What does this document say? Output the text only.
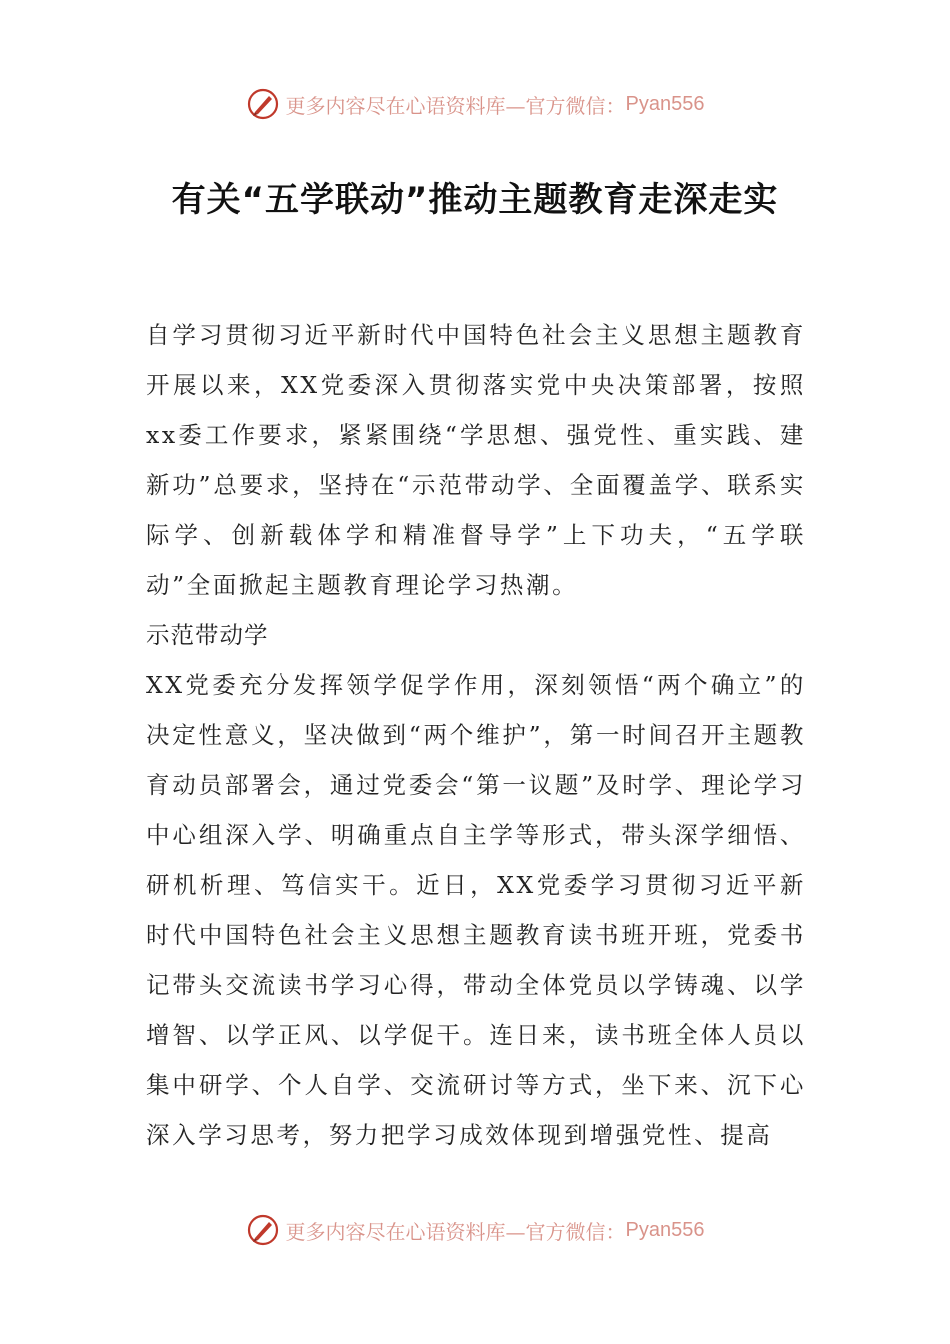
更多内容尽在心语资料库—官方微信： Pyan556
有关“五学联动”推动主题教育走深走实

自学习贯彻习近平新时代中国特色社会主义思想主题教育开展以来，XX党委深入贯彻落实党中央决策部署，按照xx委工作要求，紧紧围绕“学思想、强党性、重实践、建新功”总要求，坚持在“示范带动学、全面覆盖学、联系实际学、创新载体学和精准督导学”上下功夫，“五学联动”全面掀起主题教育理论学习热潮。

示范带动学

XX党委充分发挥领学促学作用，深刻领悟“两个确立”的决定性意义，坚决做到“两个维护”，第一时间召开主题教育动员部署会，通过党委会“第一议题”及时学、理论学习中心组深入学、明确重点自主学等形式，带头深学细悟、研机析理、笃信实干。近日，XX党委学习贯彻习近平新时代中国特色社会主义思想主题教育读书班开班，党委书记带头交流读书学习心得，带动全体党员以学铸魂、以学增智、以学正风、以学促干。连日来，读书班全体人员以集中研学、个人自学、交流研讨等方式，坐下来、沉下心深入学习思考，努力把学习成效体现到增强党性、提高

更多内容尽在心语资料库—官方微信： Pyan556
